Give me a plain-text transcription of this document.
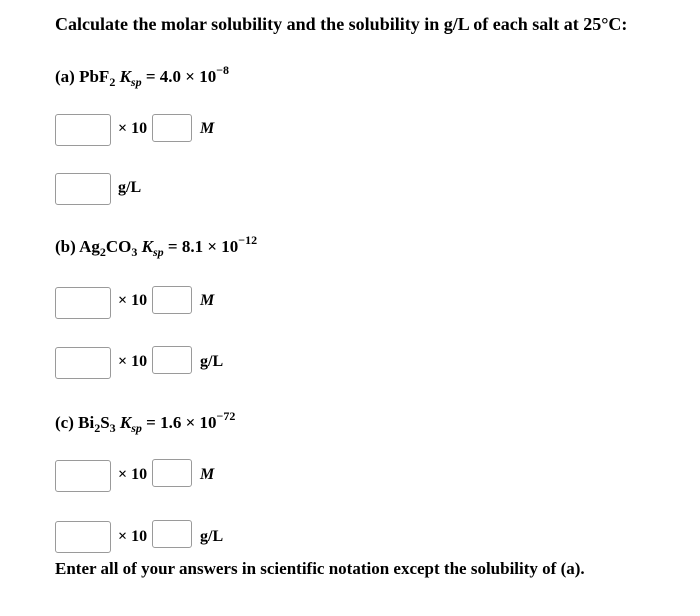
Calculate the molar solubility and the solubility in g/L of each salt at 25°C:
(a) PbF$_2$ $K_{sp} = 4.0 \times 10^{-8}$
× 10	M
g/L
(b) $Ag_2CO_3$ $K_{sp} = 8.1 \times 10^{-12}$
× 10	M
× 10	g/L
(c) $Bi_2S_3$ $K_{sp} = 1.6 \times 10^{-72}$
× 10	M
× 10	g/L
Enter all of your answers in scientific notation except the solubility of (a).
